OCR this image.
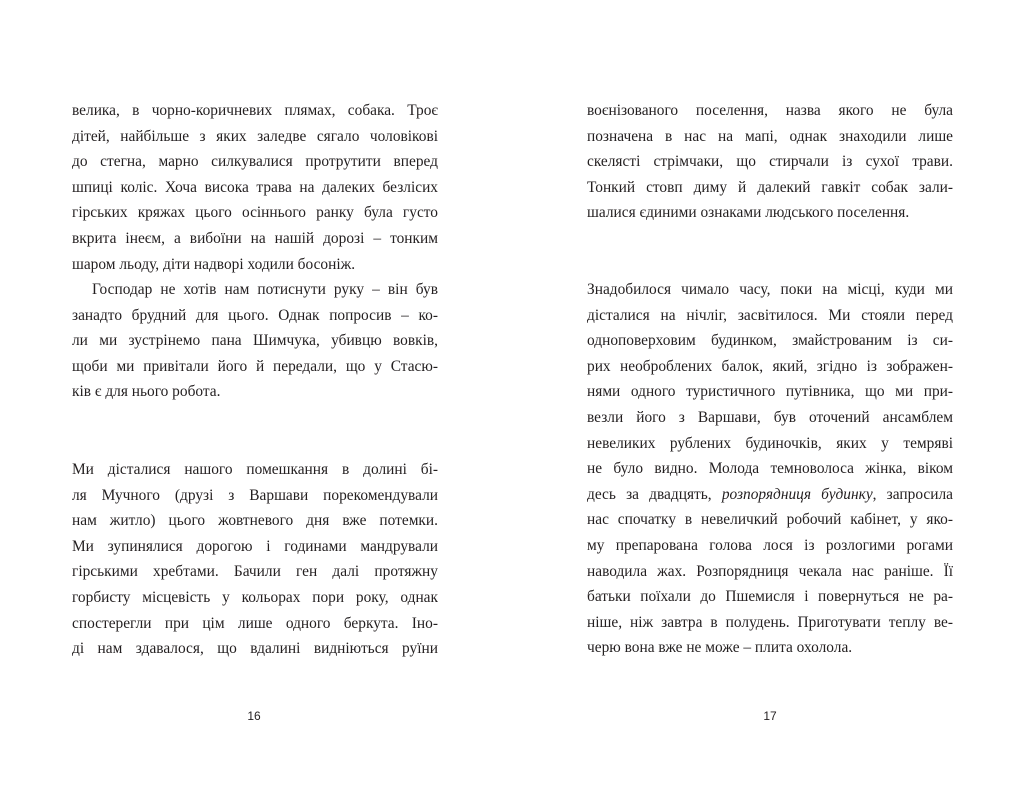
велика, в чорно-коричневих плямах, собака. Троє
дітей, найбільше з яких заледве сягало чоловікові
до стегна, марно силкувалися протрутити вперед
шпиці коліс. Хоча висока трава на далеких безлісих
гірських кряжах цього осіннього ранку була густо
вкрита інеєм, а вибоїни на нашій дорозі – тонким
шаром льоду, діти надворі ходили босоніж.
Господар не хотів нам потиснути руку – він був
занадто брудний для цього. Однак попросив – ко-
ли ми зустрінемо пана Шимчука, убивцю вовків,
щоби ми привітали його й передали, що у Стасю-
ків є для нього робота.
Ми дісталися нашого помешкання в долині бі-
ля Мучного (друзі з Варшави порекомендували
нам житло) цього жовтневого дня вже потемки.
Ми зупинялися дорогою і годинами мандрували
гірськими хребтами. Бачили ген далі протяжну
горбисту місцевість у кольорах пори року, однак
спостерегли при цім лише одного беркута. Іно-
ді нам здавалося, що вдалині видніються руїни
16
воєнізованого поселення, назва якого не була
позначена в нас на мапі, однак знаходили лише
скелясті стрімчаки, що стирчали із сухої трави.
Тонкий стовп диму й далекий гавкіт собак зали-
шалися єдиними ознаками людського поселення.
Знадобилося чимало часу, поки на місці, куди ми
дісталися на нічліг, засвітилося. Ми стояли перед
одноповерховим будинком, змайстрованим із си-
рих необроблених балок, який, згідно із зображен-
нями одного туристичного путівника, що ми при-
везли його з Варшави, був оточений ансамблем
невеликих рублених будиночків, яких у темряві
не було видно. Молода темноволоса жінка, віком
десь за двадцять, розпорядниця будинку, запросила
нас спочатку в невеличкий робочий кабінет, у яко-
му препарована голова лося із розлогими рогами
наводила жах. Розпорядниця чекала нас раніше. Її
батьки поїхали до Пшемисля і повернуться не ра-
ніше, ніж завтра в полудень. Приготувати теплу ве-
черю вона вже не може – плита охолола.
17
